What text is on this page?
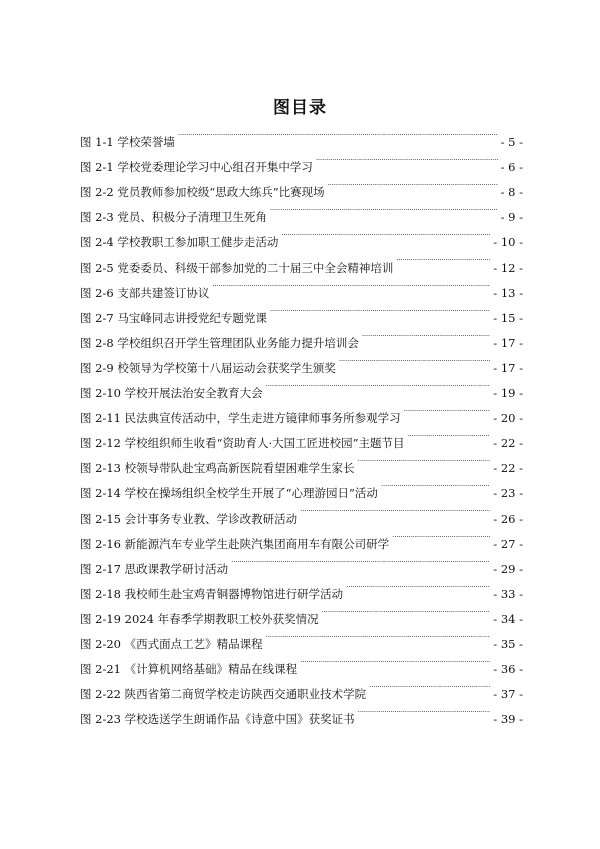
图目录
图 1-1 学校荣誉墙 . . .	- 5 -
图 2-1 学校党委理论学习中心组召开集中学习 . . .	- 6 -
图 2-2 党员教师参加校级“思政大练兵”比赛现场 . . .	- 8 -
图 2-3 党员、积极分子清理卫生死角 . . .	- 9 -
图 2-4 学校教职工参加职工健步走活动 . . .	- 10 -
图 2-5 党委委员、科级干部参加党的二十届三中全会精神培训 . . .	- 12 -
图 2-6 支部共建签订协议 . . .	- 13 -
图 2-7 马宝峰同志讲授党纪专题党课 . . .	- 15 -
图 2-8 学校组织召开学生管理团队业务能力提升培训会 . . .	- 17 -
图 2-9 校领导为学校第十八届运动会获奖学生颁奖 . . .	- 17 -
图 2-10 学校开展法治安全教育大会 . . .	- 19 -
图 2-11 民法典宣传活动中，学生走进方镜律师事务所参观学习 . . .	- 20 -
图 2-12 学校组织师生收看“资助育人·大国工匠进校园”主题节目 . . .	- 22 -
图 2-13 校领导带队赴宝鸡高新医院看望困难学生家长 . . .	- 22 -
图 2-14 学校在操场组织全校学生开展了“心理游园日”活动 . . .	- 23 -
图 2-15 会计事务专业教、学诊改教研活动 . . .	- 26 -
图 2-16 新能源汽车专业学生赴陕汽集团商用车有限公司研学 . . .	- 27 -
图 2-17 思政课教学研讨活动 . . .	- 29 -
图 2-18 我校师生赴宝鸡青铜器博物馆进行研学活动 . . .	- 33 -
图 2-19 2024 年春季学期教职工校外获奖情况 . . .	- 34 -
图 2-20 《西式面点工艺》精品课程 . . .	- 35 -
图 2-21 《计算机网络基础》精品在线课程 . . .	- 36 -
图 2-22 陕西省第二商贸学校走访陕西交通职业技术学院 . . .	- 37 -
图 2-23 学校选送学生朗诵作品《诗意中国》获奖证书 . . .	- 39 -
